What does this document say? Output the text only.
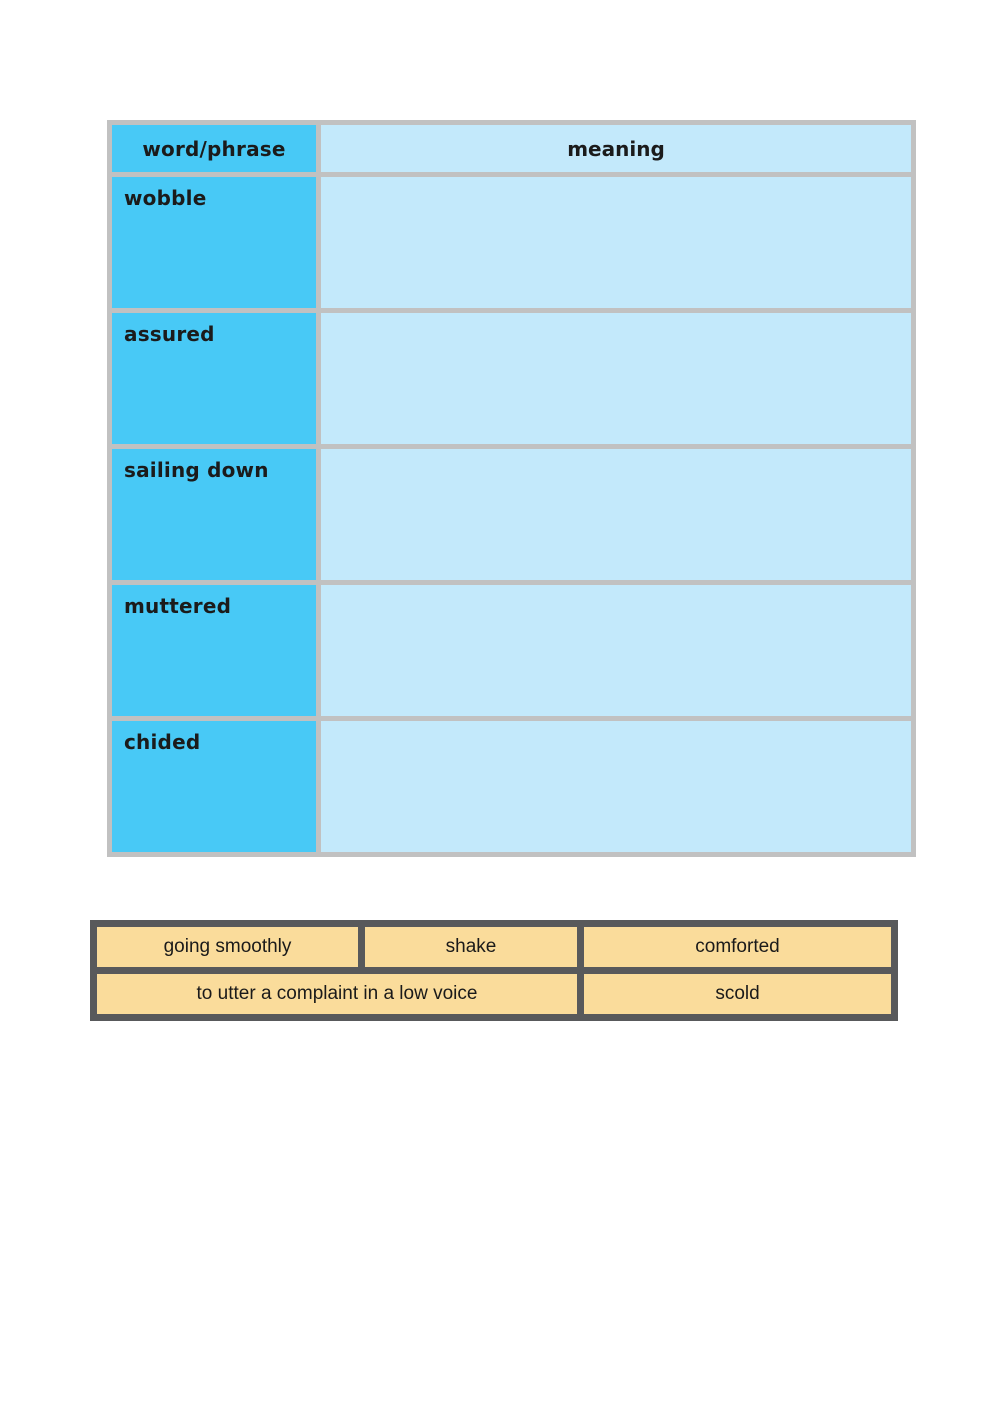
word/phrase	meaning
wobble
assured
sailing down
muttered
chided
going smoothly	shake	comforted
to utter a complaint in a low voice	scold
